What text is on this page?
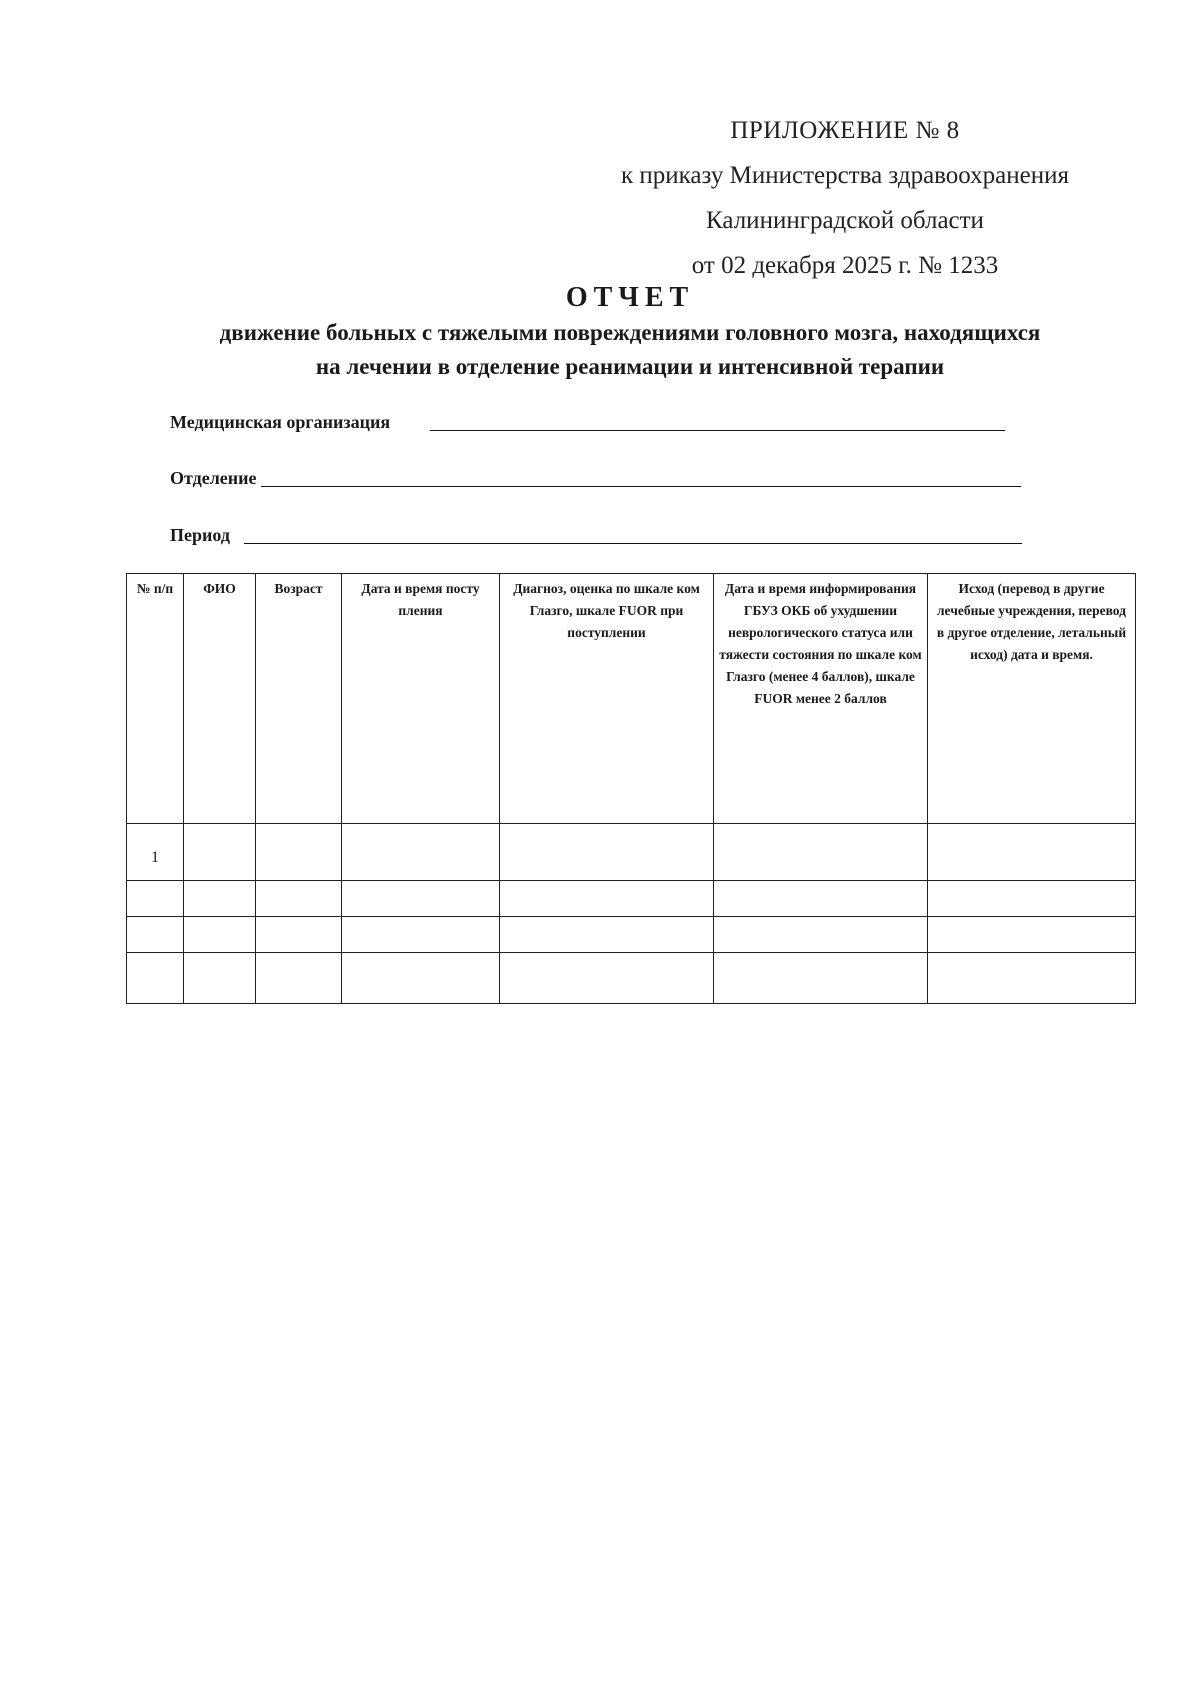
ПРИЛОЖЕНИЕ № 8
к приказу Министерства здравоохранения
Калининградской области
от 02 декабря 2025 г. № 1233
ОТЧЕТ
движение больных с тяжелыми повреждениями головного мозга, находящихся
на лечении в отделение реанимации и интенсивной терапии
Медицинская организация
Отделение
Период
№ п/п	ФИО	Возраст	Дата и время посту пления	Диагноз, оценка по шкале ком Глазго, шкале FUOR при поступлении	Дата и время информирования ГБУЗ ОКБ об ухудшении неврологического статуса или тяжести состояния по шкале ком Глазго (менее 4 баллов), шкале FUOR менее 2 баллов	Исход (перевод в другие лечебные учреждения, перевод в другое отделение, летальный исход) дата и время.

1						
